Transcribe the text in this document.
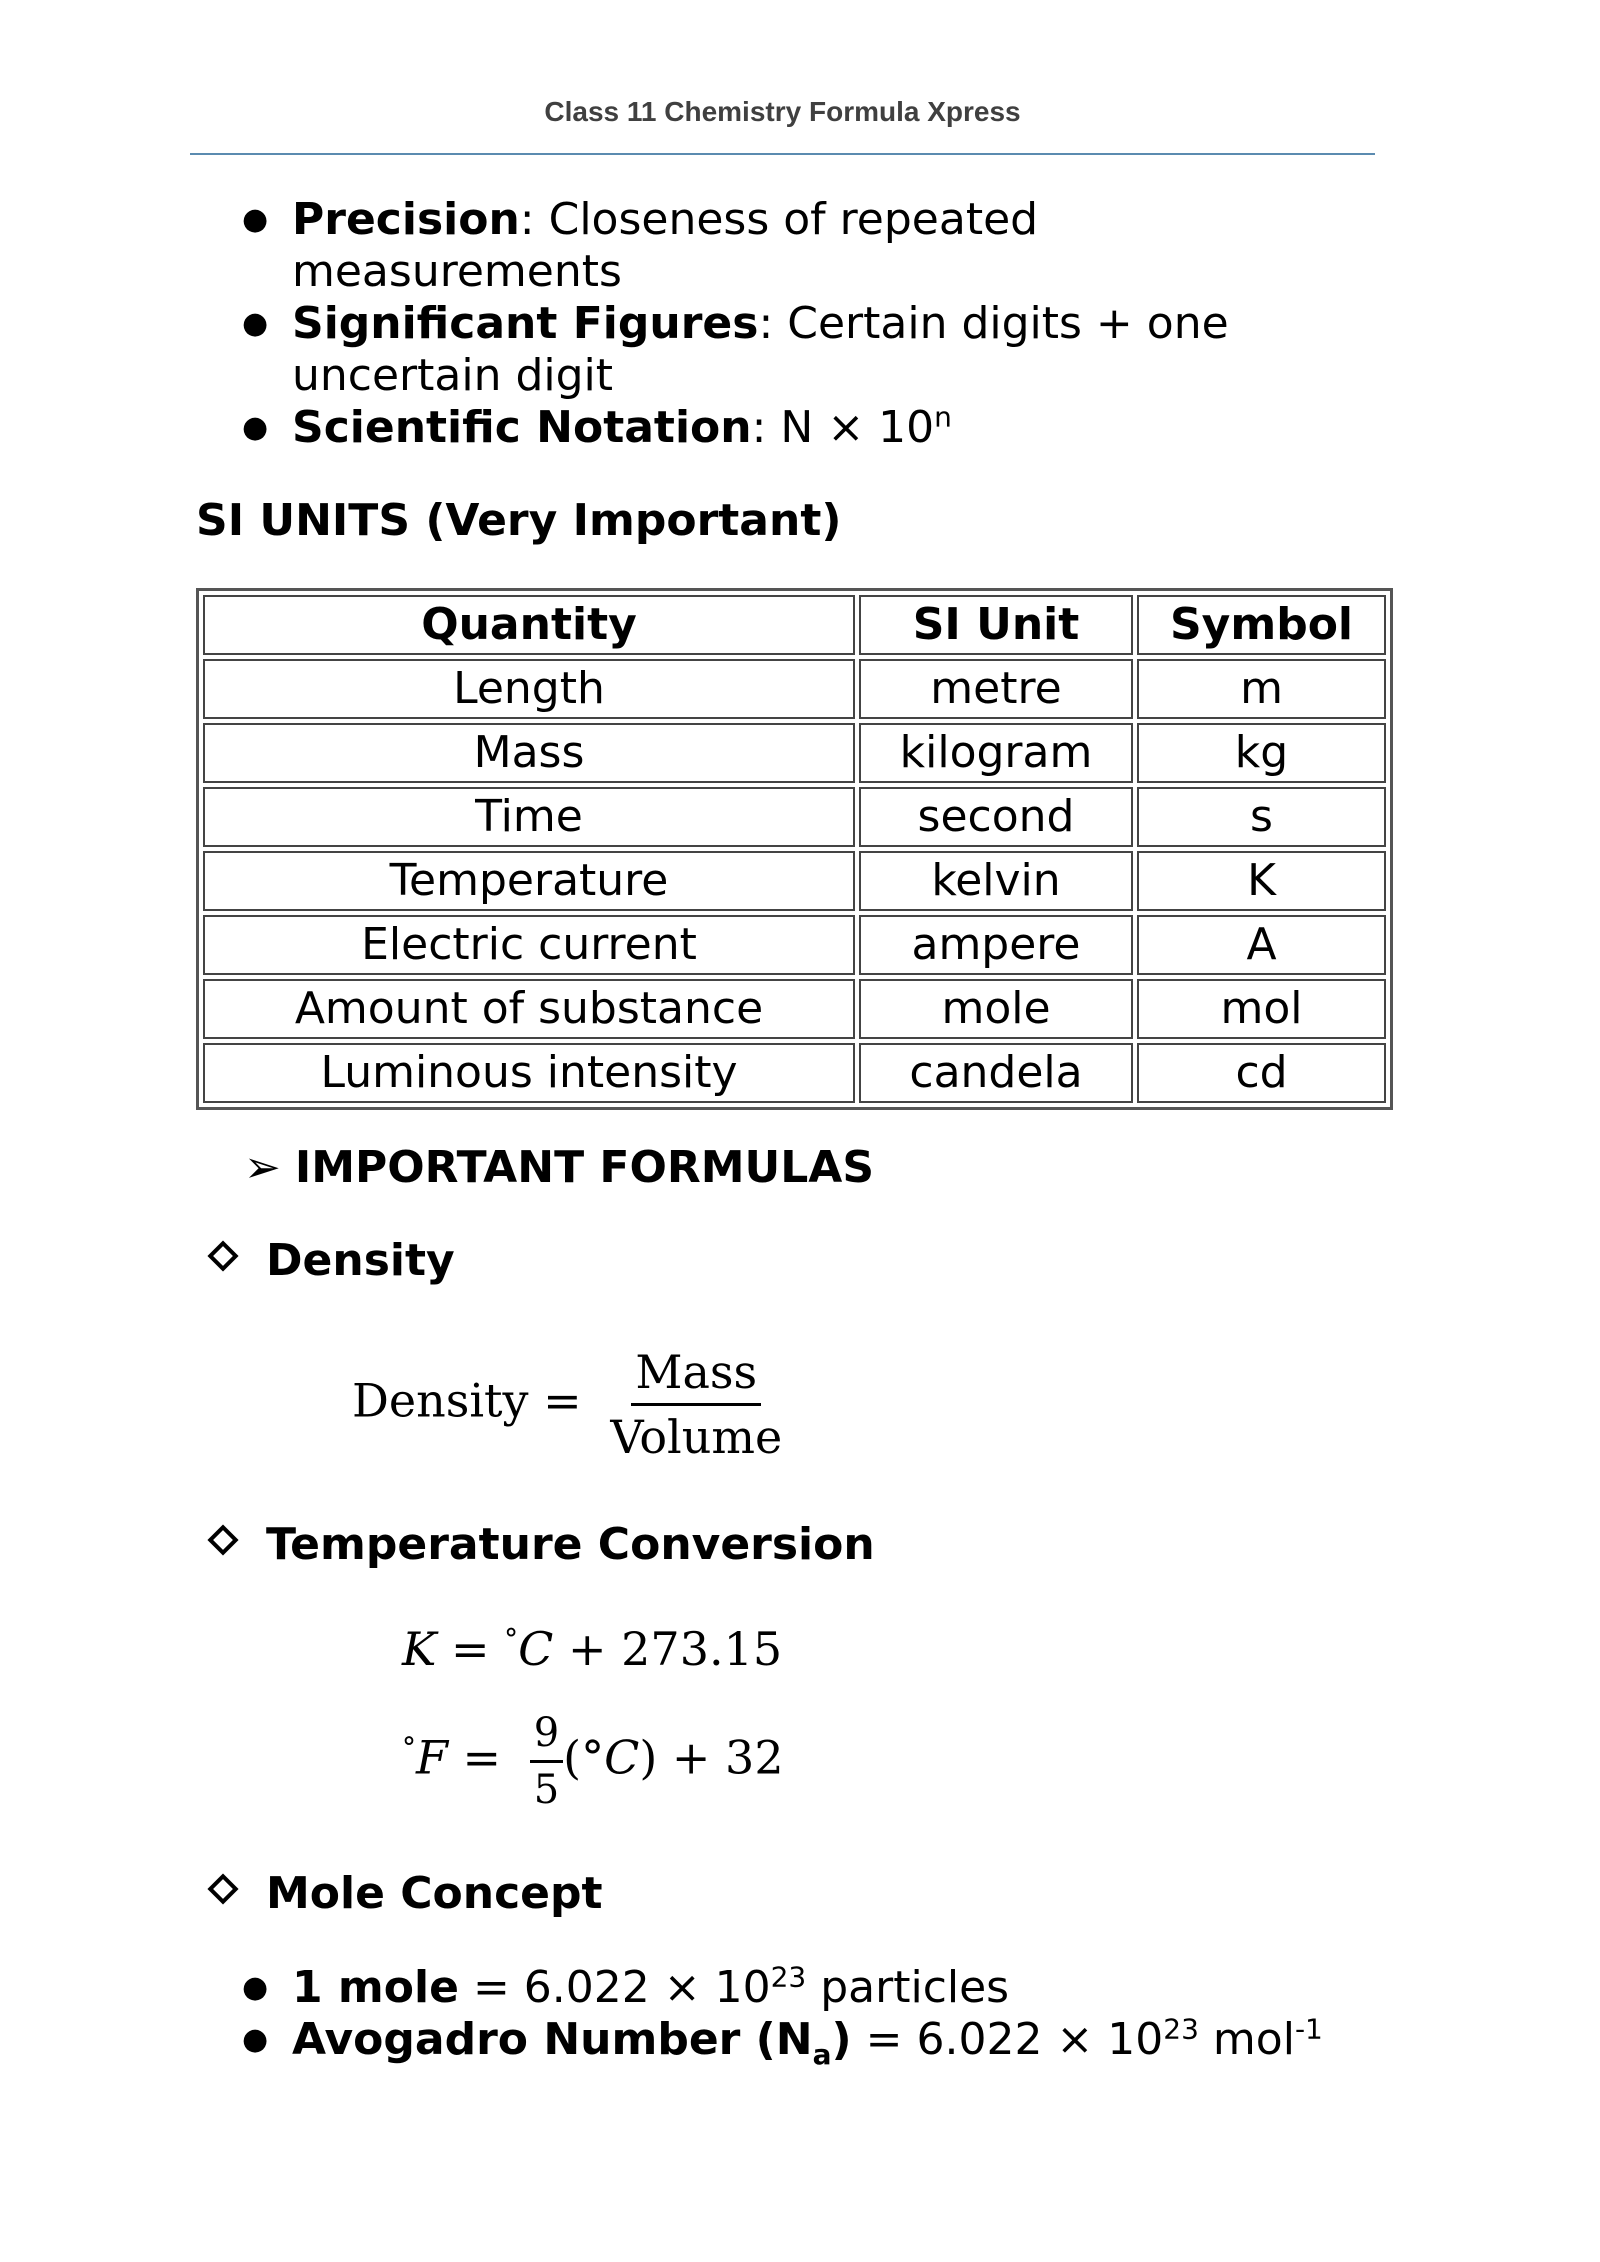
Class 11 Chemistry Formula Xpress
● Precision: Closeness of repeated
measurements
● Significant Figures: Certain digits + one
uncertain digit
● Scientific Notation: $N \times 10^n$
SI UNITS (Very Important)
Quantity	SI Unit	Symbol
Length	metre	m
Mass	kilogram	kg
Time	second	s
Temperature	kelvin	K
Electric current	ampere	A
Amount of substance	mole	mol
Luminous intensity	candela	cd
➢ IMPORTANT FORMULAS
Density
Density = $\frac{\text{Mass}}{\text{Volume}}$
Temperature Conversion
K = °C + 273.15
$^\circ F = \frac{9}{5} (^\circ C) + 32$
Mole Concept
● 1 mole = $6.022 \times 10^{23}$ particles
● Avogadro Number $(N_a) = 6.022 \times 10^{23}$ mol$^{-1}$
